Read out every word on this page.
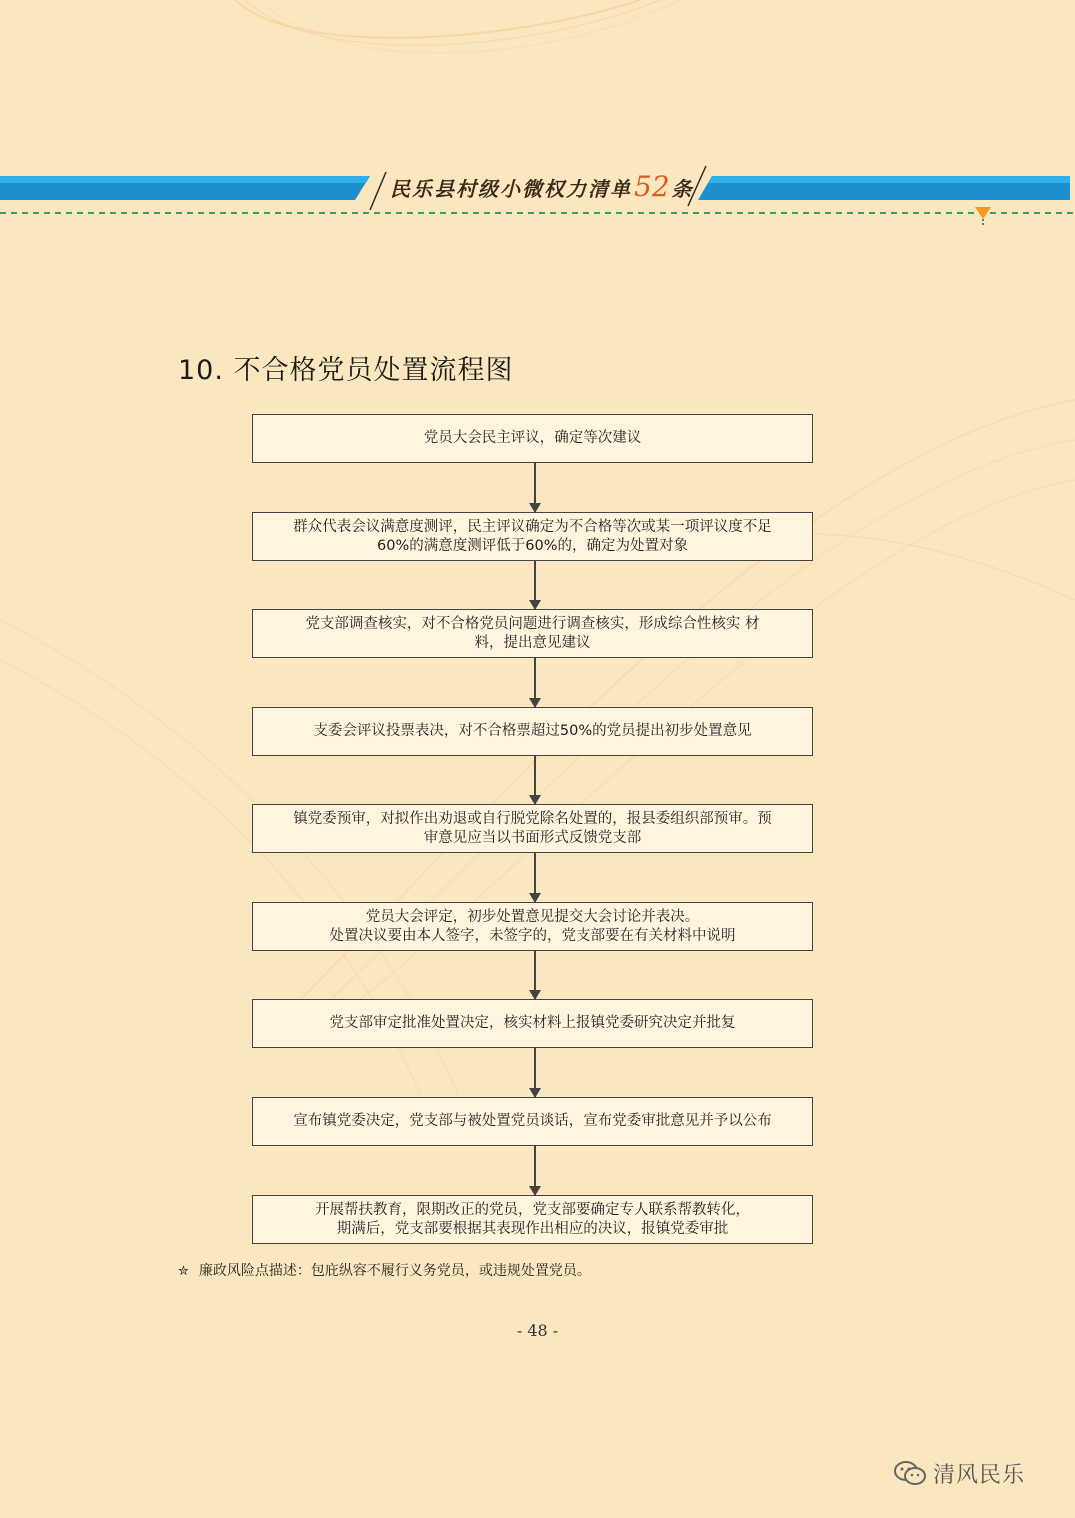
民乐县村级小微权力清单52 条
10. 不合格党员处置流程图
党员大会民主评议，确定等次建议
群众代表会议满意度测评，民主评议确定为不合格等次或某一项评议度不足
60%的满意度测评低于60%的，确定为处置对象
党支部调查核实，对不合格党员问题进行调查核实，形成综合性核实 材
料，提出意见建议
支委会评议投票表决，对不合格票超过50%的党员提出初步处置意见
镇党委预审，对拟作出劝退或自行脱党除名处置的，报县委组织部预审。预
审意见应当以书面形式反馈党支部
党员大会评定，初步处置意见提交大会讨论并表决。
处置决议要由本人签字，未签字的，党支部要在有关材料中说明
党支部审定批准处置决定，核实材料上报镇党委研究决定并批复
宣布镇党委决定，党支部与被处置党员谈话，宣布党委审批意见并予以公布
开展帮扶教育，限期改正的党员，党支部要确定专人联系帮教转化，
期满后，党支部要根据其表现作出相应的决议，报镇党委审批
✮ 廉政风险点描述：包庇纵容不履行义务党员，或违规处置党员。
- 48 -
清风民乐
